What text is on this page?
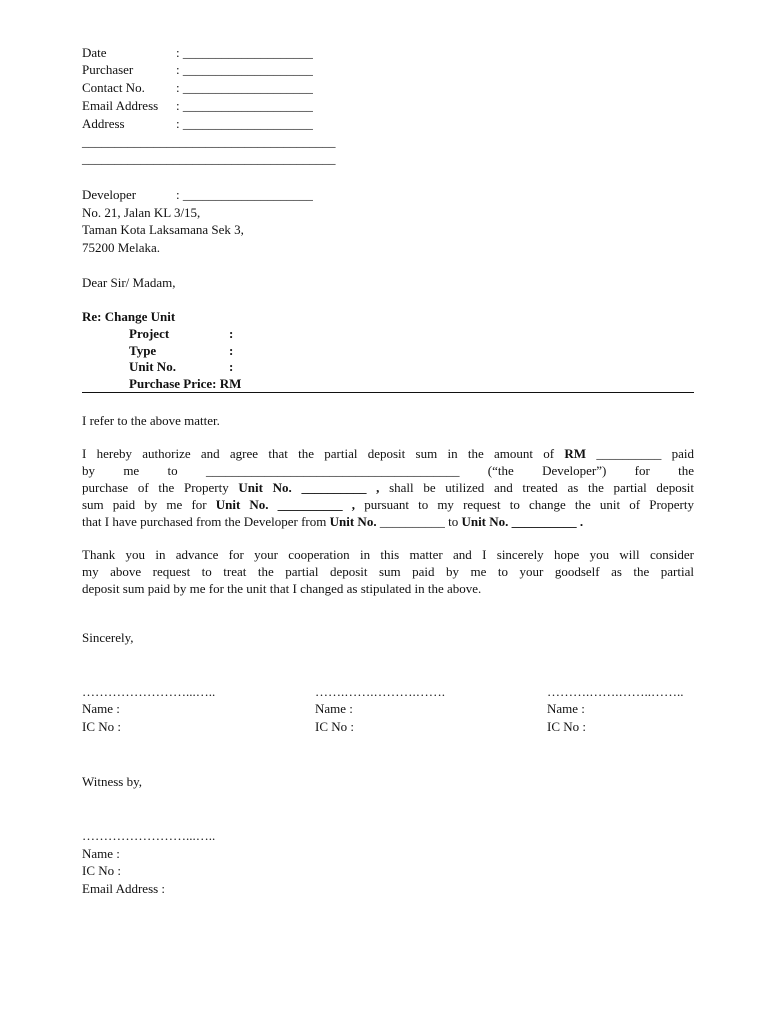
Date	: ____________________
Purchaser	: ____________________
Contact No. : ____________________
Email Address : ____________________
Address	: ____________________
_______________________________________
_______________________________________
Developer	: ____________________
No. 21, Jalan KL 3/15,
Taman Kota Laksamana Sek 3,
75200 Melaka.
Dear Sir/ Madam,
Re: Change Unit
Project	:
Type	:
Unit No.	:
Purchase Price: RM
I refer to the above matter.
I hereby authorize and agree that the partial deposit sum in the amount of RM __________ paid
by me to _______________________________________ (“the Developer”) for the
purchase of the Property Unit No. __________ , shall be utilized and treated as the partial deposit
sum paid by me for Unit No. __________ , pursuant to my request to change the unit of Property
that I have purchased from the Developer from Unit No. __________ to Unit No. __________ .
Thank you in advance for your cooperation in this matter and I sincerely hope you will consider
my above request to treat the partial deposit sum paid by me to your goodself as the partial
deposit sum paid by me for the unit that I changed as stipulated in the above.
Sincerely,
……………………...…..
Name :
IC No :
…….…….……….…….
Name :
IC No :
……….…….……..……..
Name :
IC No :
Witness by,
……………………...…..
Name :
IC No :
Email Address :
